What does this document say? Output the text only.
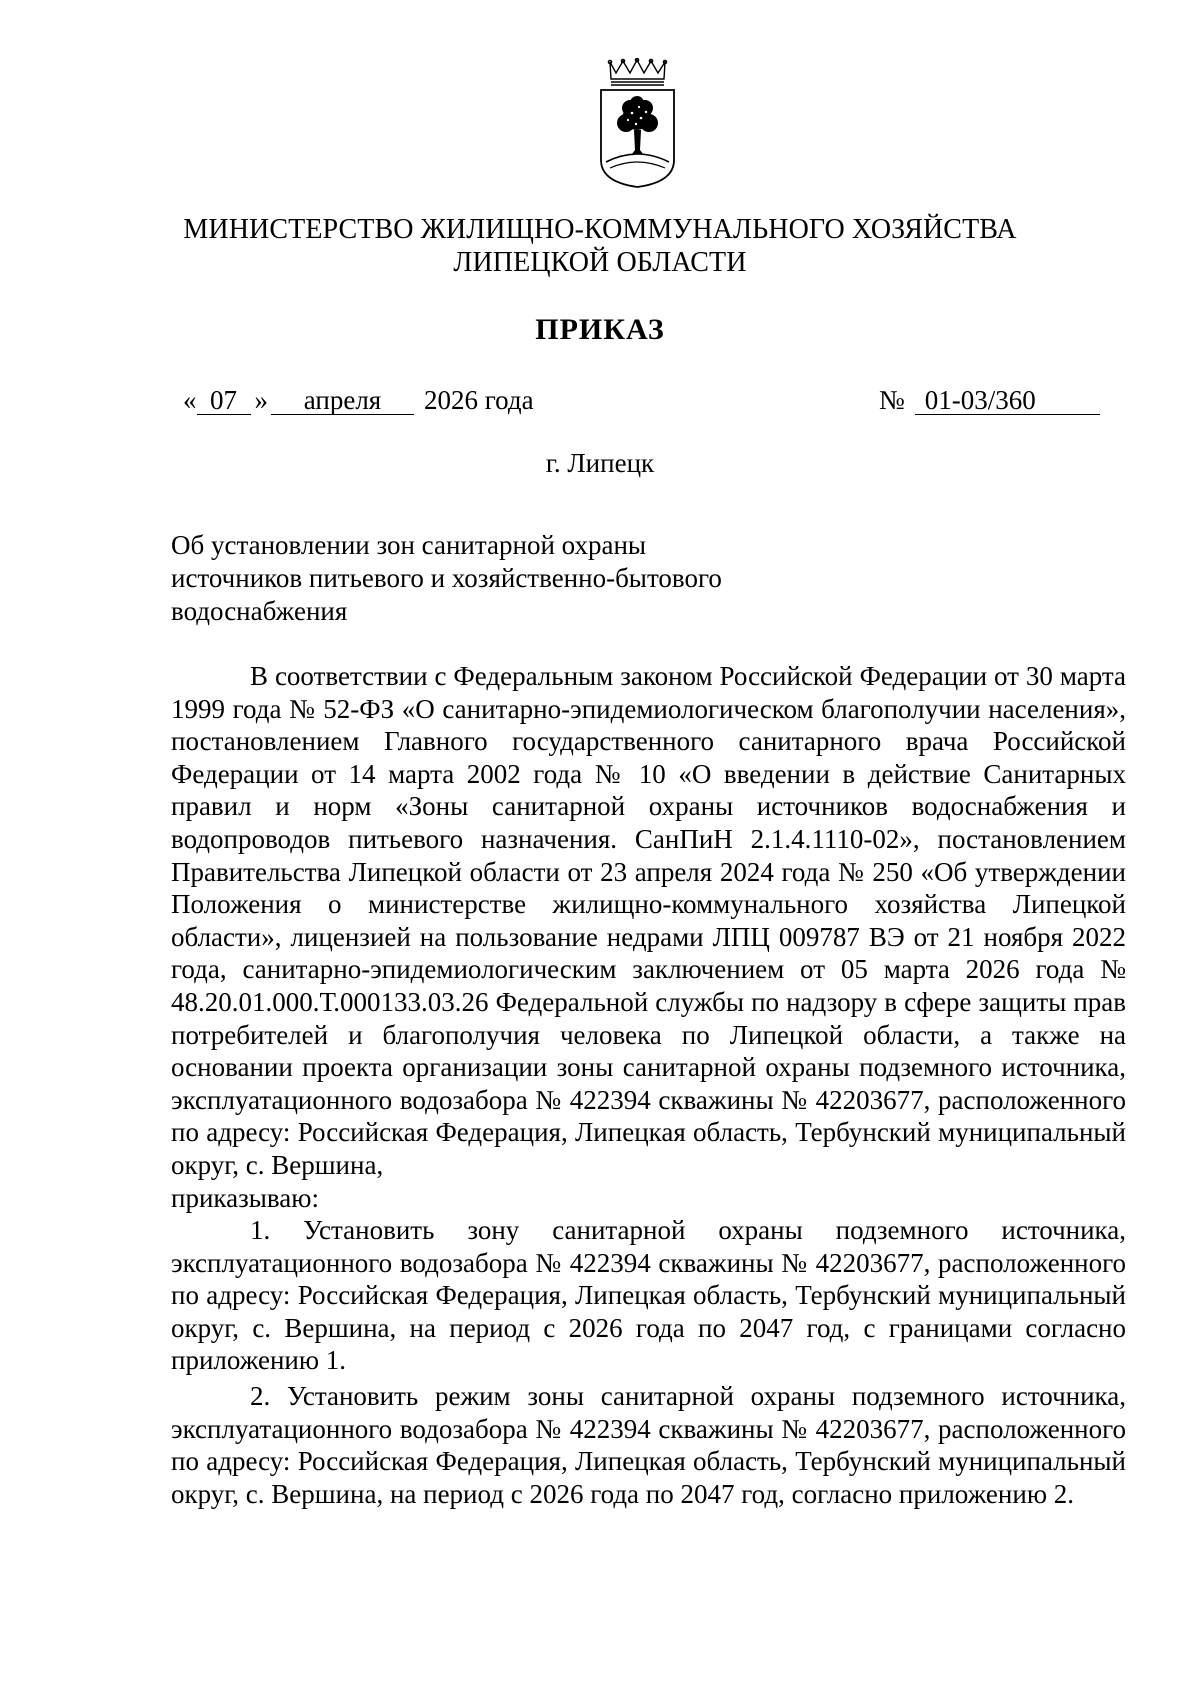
МИНИСТЕРСТВО ЖИЛИЩНО-КОММУНАЛЬНОГО ХОЗЯЙСТВА
ЛИПЕЦКОЙ ОБЛАСТИ
ПРИКАЗ
« 07 » апреля 2026 года	№ 01-03/360
г. Липецк
Об установлении зон санитарной охраны
источников питьевого и хозяйственно-бытового
водоснабжения

В соответствии с Федеральным законом Российской Федерации от 30 марта 1999 года № 52-ФЗ «О санитарно-эпидемиологическом благополучии населения», постановлением Главного государственного санитарного врача Российской Федерации от 14 марта 2002 года № 10 «О введении в действие Санитарных правил и норм «Зоны санитарной охраны источников водоснабжения и водопроводов питьевого назначения. СанПиН 2.1.4.1110-02», постановлением Правительства Липецкой области от 23 апреля 2024 года № 250 «Об утверждении Положения о министерстве жилищно-коммунального хозяйства Липецкой области», лицензией на пользование недрами ЛПЦ 009787 ВЭ от 21 ноября 2022 года, санитарно-эпидемиологическим заключением от 05 марта 2026 года № 48.20.01.000.Т.000133.03.26 Федеральной службы по надзору в сфере защиты прав потребителей и благополучия человека по Липецкой области, а также на основании проекта организации зоны санитарной охраны подземного источника, эксплуатационного водозабора № 422394 скважины № 42203677, расположенного по адресу: Российская Федерация, Липецкая область, Тербунский муниципальный округ, с. Вершина,

приказываю:

1. Установить зону санитарной охраны подземного источника, эксплуатационного водозабора № 422394 скважины № 42203677, расположенного по адресу: Российская Федерация, Липецкая область, Тербунский муниципальный округ, с. Вершина, на период с 2026 года по 2047 год, с границами согласно приложению 1.

2. Установить режим зоны санитарной охраны подземного источника, эксплуатационного водозабора № 422394 скважины № 42203677, расположенного по адресу: Российская Федерация, Липецкая область, Тербунский муниципальный округ, с. Вершина, на период с 2026 года по 2047 год, согласно приложению 2.
